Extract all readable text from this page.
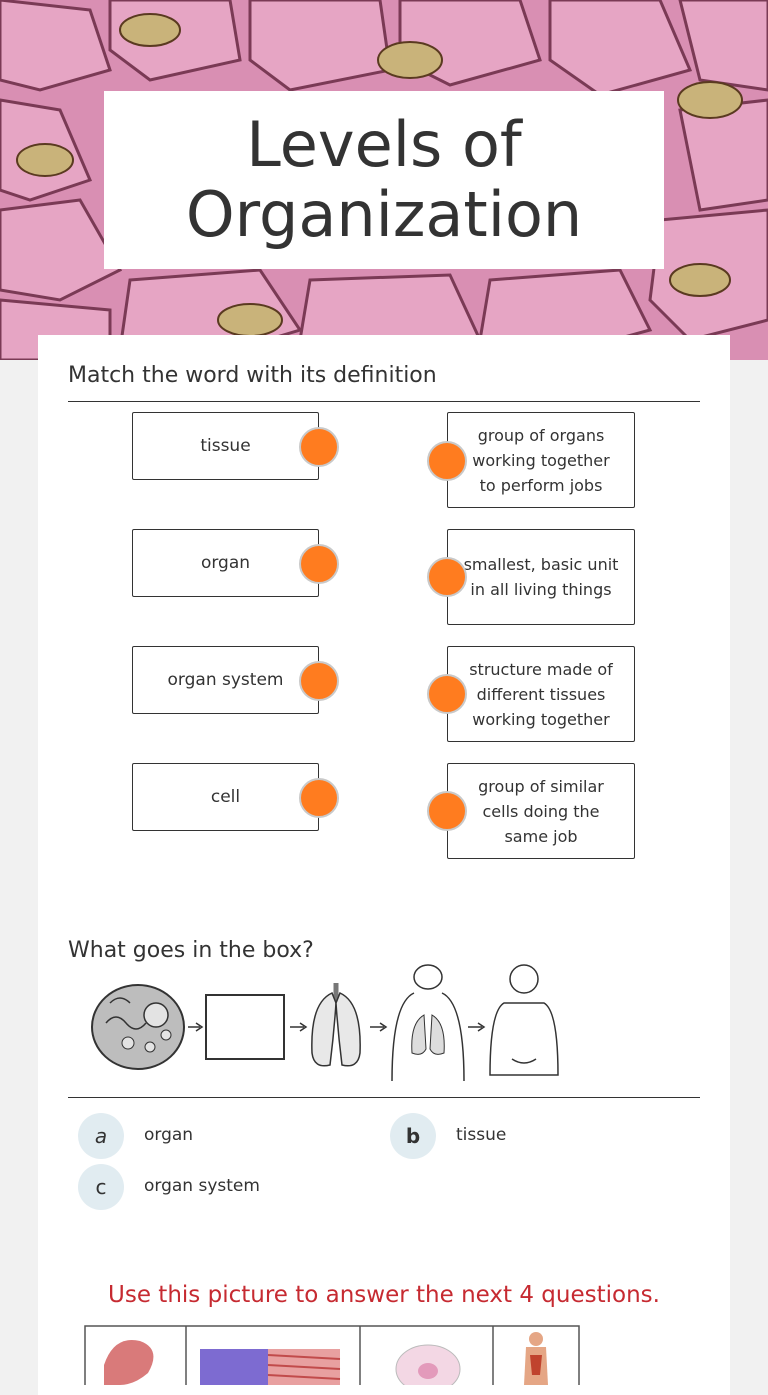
Levels of Organization
Match the word with its definition
tissue
organ
organ system
cell
group of organs working together to perform jobs
smallest, basic unit in all living things
structure made of different tissues working together
group of similar cells doing the same job
What goes in the box?
a	organ	b	tissue
c	organ system
Use this picture to answer the next 4 questions.
